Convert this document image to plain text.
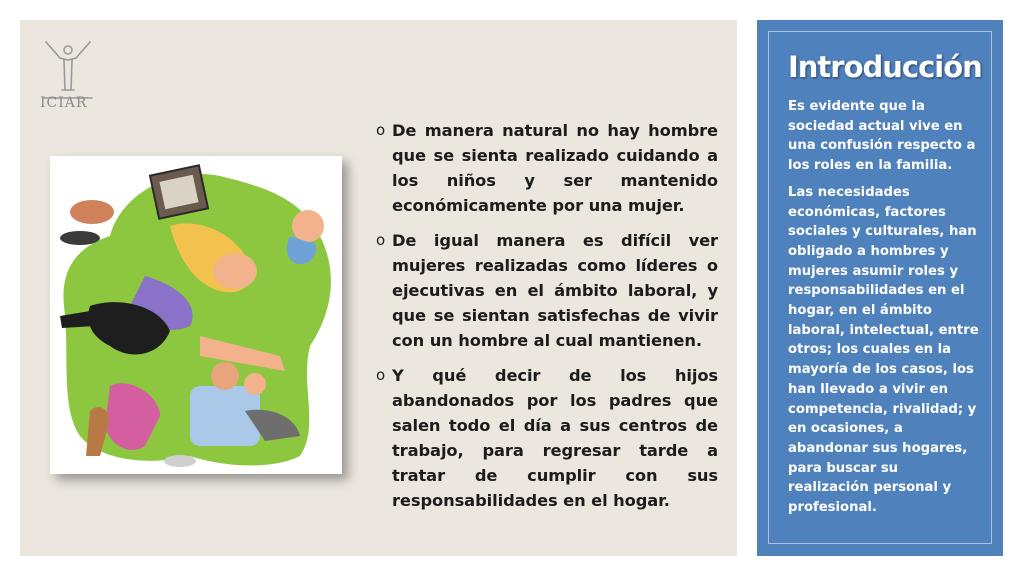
ICIAR
o De manera natural no hay hombre que se sienta realizado cuidando a los niños y ser mantenido económicamente por una mujer.
o De igual manera es difícil ver mujeres realizadas como líderes o ejecutivas en el ámbito laboral, y que se sientan satisfechas de vivir con un hombre al cual mantienen.
o Y qué decir de los hijos abandonados por los padres que salen todo el día a sus centros de trabajo, para regresar tarde a tratar de cumplir con sus responsabilidades en el hogar.
Introducción

Es evidente que la sociedad actual vive en una confusión respecto a los roles en la familia.

Las necesidades económicas, factores sociales y culturales, han obligado a hombres y mujeres asumir roles y responsabilidades en el hogar, en el ámbito laboral, intelectual, entre otros; los cuales en la mayoría de los casos, los han llevado a vivir en competencia, rivalidad; y en ocasiones, a abandonar sus hogares, para buscar su realización personal y profesional.
